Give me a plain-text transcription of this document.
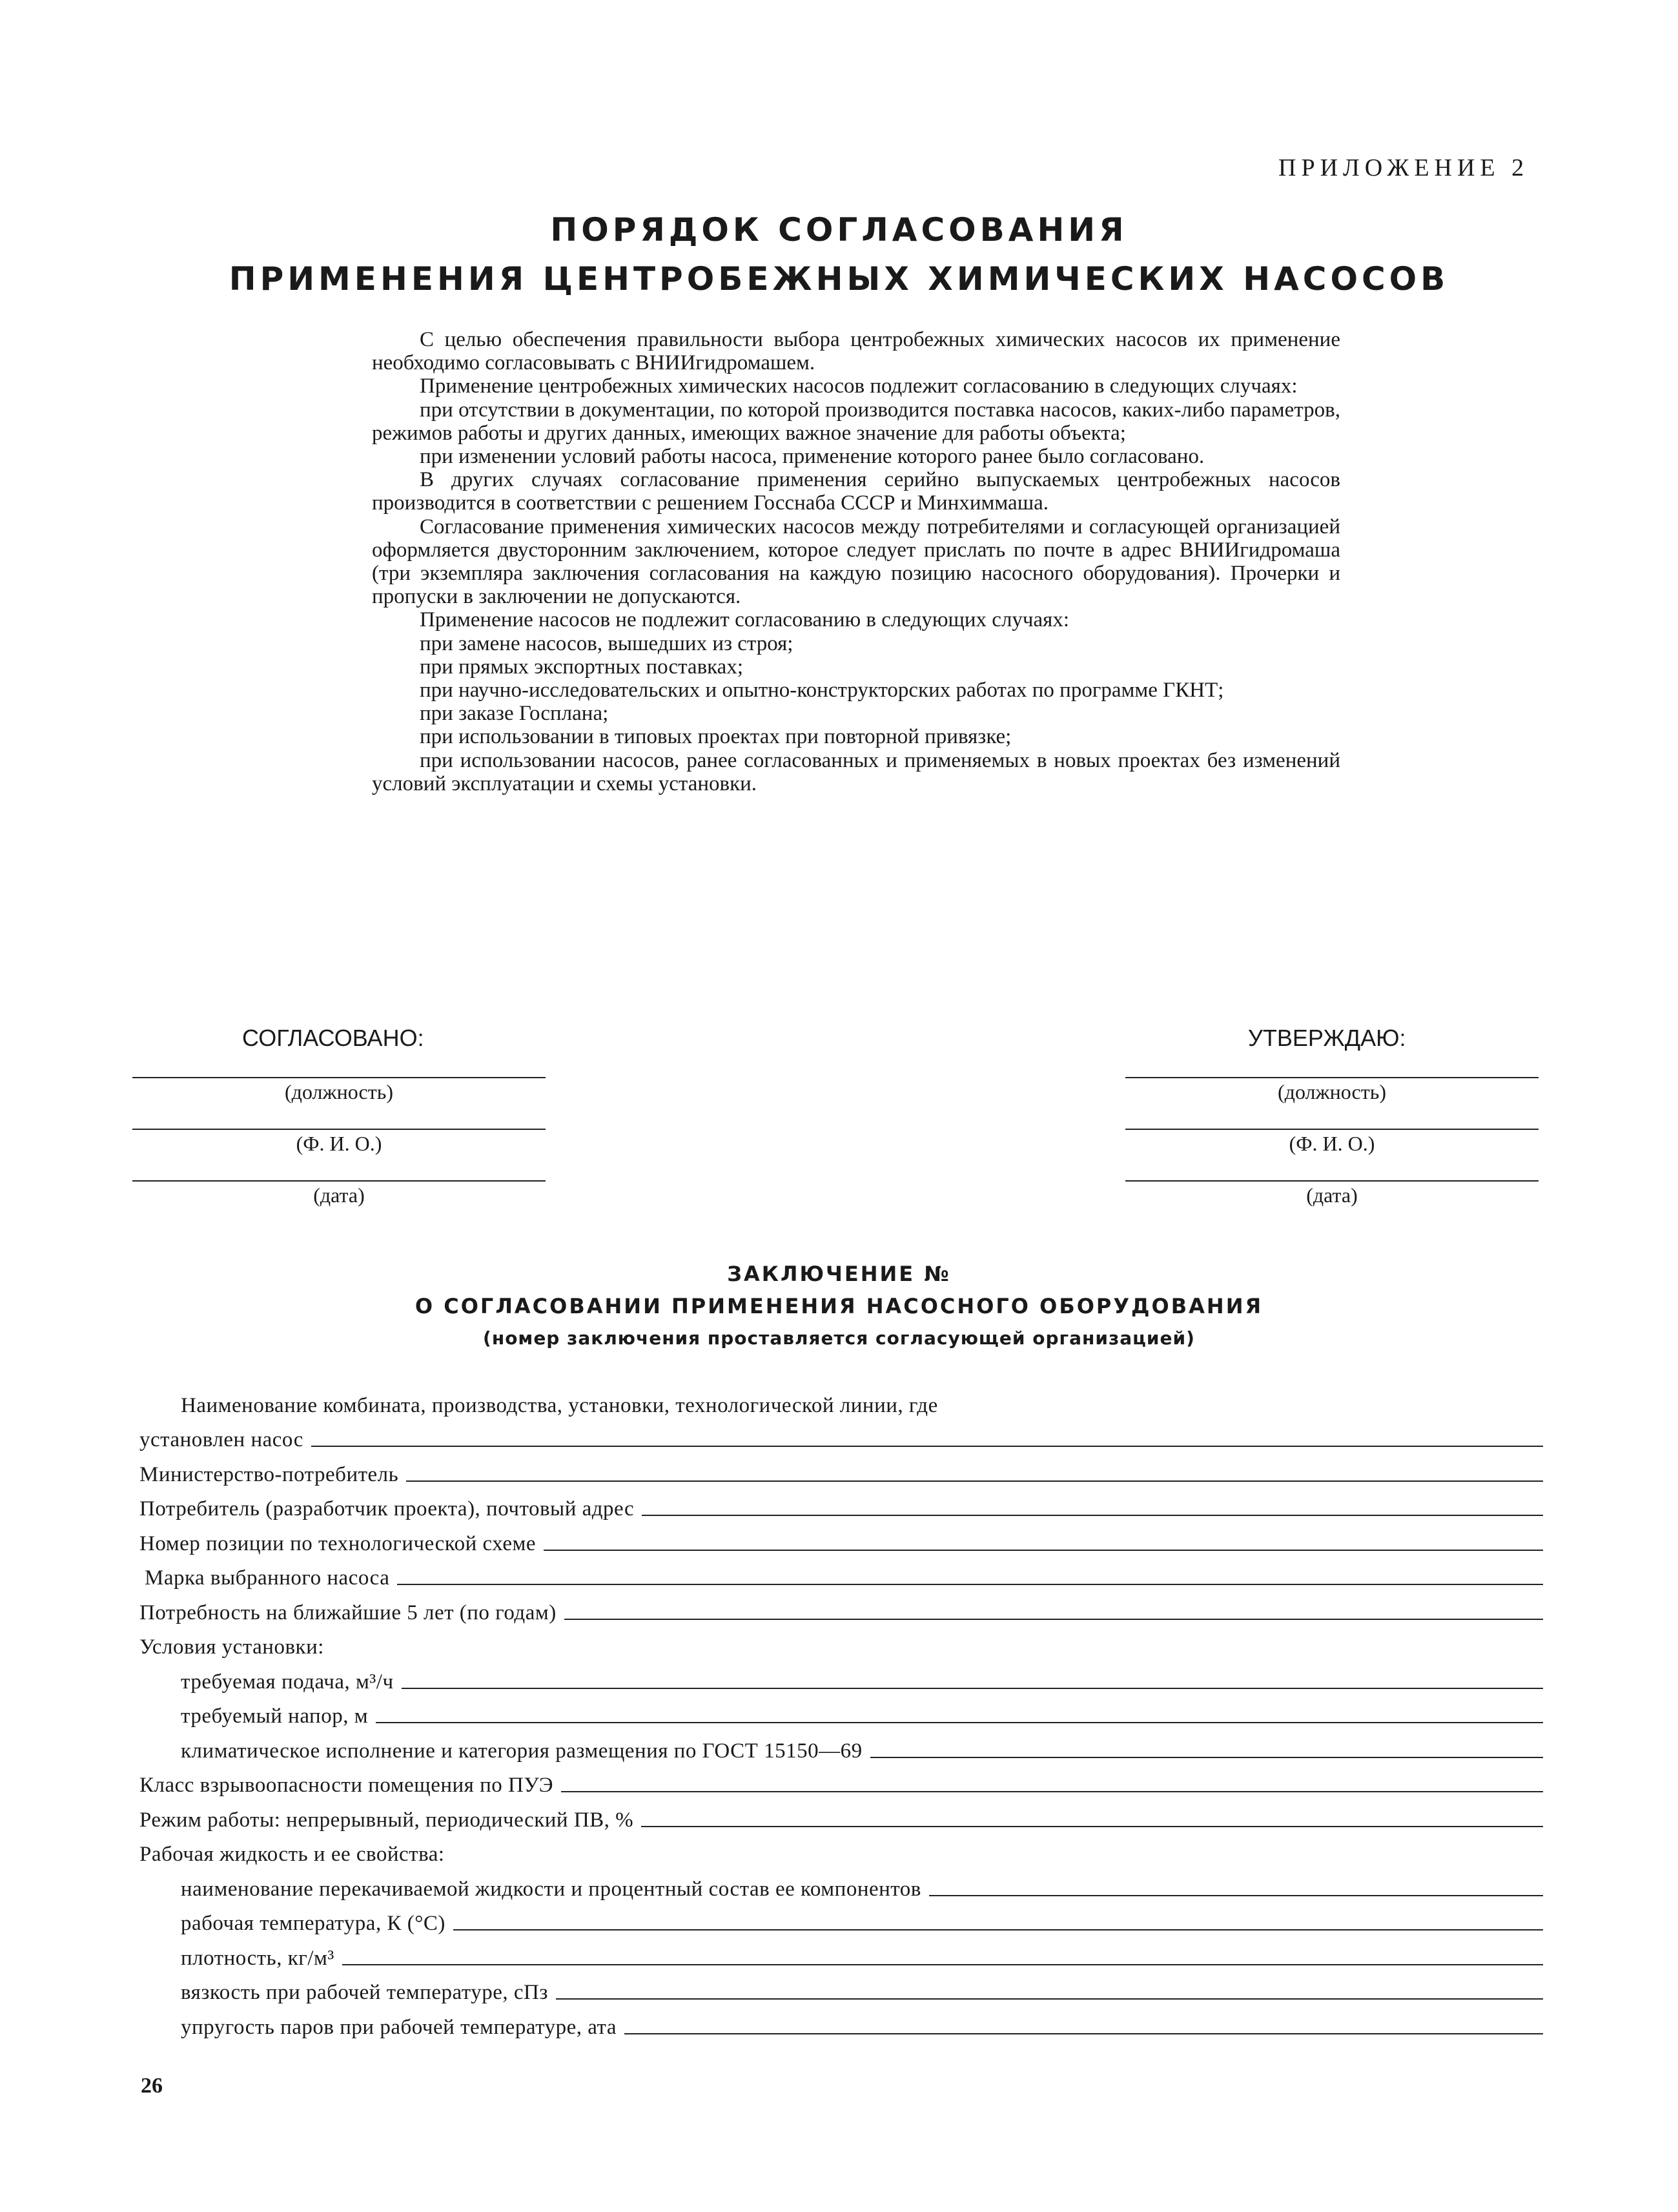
ПРИЛОЖЕНИЕ 2
ПОРЯДОК СОГЛАСОВАНИЯ
ПРИМЕНЕНИЯ ЦЕНТРОБЕЖНЫХ ХИМИЧЕСКИХ НАСОСОВ

С целью обеспечения правильности выбора центробежных химических насосов их применение необходимо согласовывать с ВНИИгидромашем.

Применение центробежных химических насосов подлежит согласованию в следующих случаях:

при отсутствии в документации, по которой производится поставка насосов, каких-либо параметров, режимов работы и других данных, имеющих важное значение для работы объекта;

при изменении условий работы насоса, применение которого ранее было согласовано.

В других случаях согласование применения серийно выпускаемых центробежных насосов производится в соответствии с решением Госснаба СССР и Минхиммаша.

Согласование применения химических насосов между потребителями и согласующей организацией оформляется двусторонним заключением, которое следует прислать по почте в адрес ВНИИгидромаша (три экземпляра заключения согласования на каждую позицию насосного оборудования). Прочерки и пропуски в заключении не допускаются.

Применение насосов не подлежит согласованию в следующих случаях:

при замене насосов, вышедших из строя;

при прямых экспортных поставках;

при научно-исследовательских и опытно-конструкторских работах по программе ГКНТ;

при заказе Госплана;

при использовании в типовых проектах при повторной привязке;

при использовании насосов, ранее согласованных и применяемых в новых проектах без изменений условий эксплуатации и схемы установки.

СОГЛАСОВАНО:
(должность)
(Ф. И. О.)
(дата)
УТВЕРЖДАЮ:
(должность)
(Ф. И. О.)
(дата)
ЗАКЛЮЧЕНИЕ №
О СОГЛАСОВАНИИ ПРИМЕНЕНИЯ НАСОСНОГО ОБОРУДОВАНИЯ
(номер заключения проставляется согласующей организацией)
Наименование комбината, производства, установки, технологической линии, где
установлен насос
Министерство-потребитель
Потребитель (разработчик проекта), почтовый адрес
Номер позиции по технологической схеме
Марка выбранного насоса
Потребность на ближайшие 5 лет (по годам)
Условия установки:
требуемая подача, м³/ч
требуемый напор, м
климатическое исполнение и категория размещения по ГОСТ 15150—69
Класс взрывоопасности помещения по ПУЭ
Режим работы: непрерывный, периодический ПВ, %
Рабочая жидкость и ее свойства:
наименование перекачиваемой жидкости и процентный состав ее компонентов
рабочая температура, К (°С)
плотность, кг/м³
вязкость при рабочей температуре, сПз
упругость паров при рабочей температуре, ата
26
